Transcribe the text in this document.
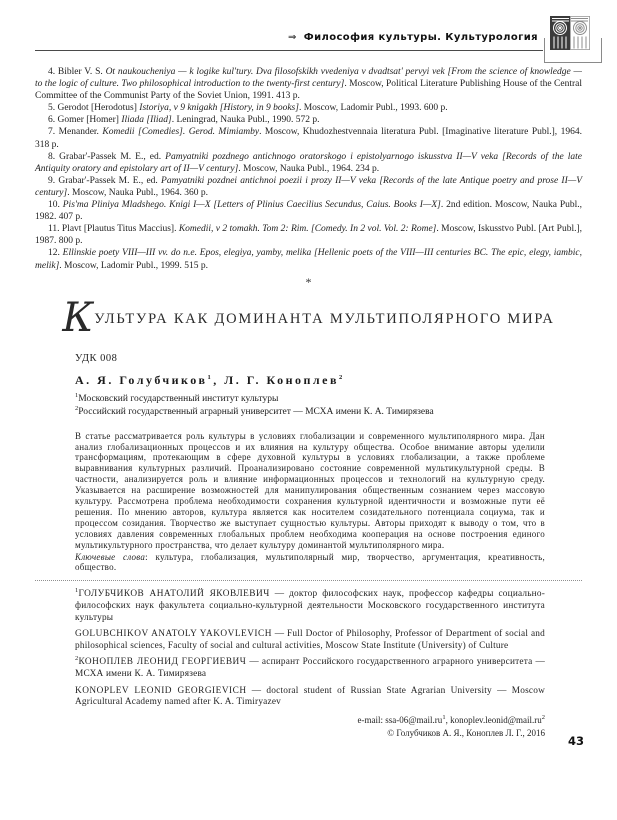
⇒ Философия культуры. Культурология

4. Bibler V. S. Ot naukoucheniya — k logike kul'tury. Dva filosofskikh vvedeniya v dvadtsat' pervyi vek [From the science of knowledge — to the logic of culture. Two philosophical introduction to the twenty-first century]. Moscow, Political Literature Publishing House of the Central Committee of the Communist Party of the Soviet Union, 1991. 413 p.

5. Gerodot [Herodotus] Istoriya, v 9 knigakh [History, in 9 books]. Moscow, Ladomir Publ., 1993. 600 p.

6. Gomer [Homer] Iliada [Iliad]. Leningrad, Nauka Publ., 1990. 572 p.

7. Menander. Komedii [Comedies]. Gerod. Mimiamby. Moscow, Khudozhestvennaia literatura Publ. [Imaginative literature Publ.], 1964. 318 p.

8. Grabar'-Passek M. E., ed. Pamyatniki pozdnego antichnogo oratorskogo i epistolyarnogo iskusstva II—V veka [Records of the late Antiquity oratory and epistolary art of II—V century]. Moscow, Nauka Publ., 1964. 234 p.

9. Grabar'-Passek M. E., ed. Pamyatniki pozdnei antichnoi poezii i prozy II—V veka [Records of the late Antique poetry and prose II—V century]. Moscow, Nauka Publ., 1964. 360 p.

10. Pis'ma Pliniya Mladshego. Knigi I—X [Letters of Plinius Caecilius Secundus, Caius. Books I—X]. 2nd edition. Moscow, Nauka Publ., 1982. 407 p.

11. Plavt [Plautus Titus Maccius]. Komedii, v 2 tomakh. Tom 2: Rim. [Comedy. In 2 vol. Vol. 2: Rome]. Moscow, Iskusstvo Publ. [Art Publ.], 1987. 800 p.

12. Ellinskie poety VIII—III vv. do n.e. Epos, elegiya, yamby, melika [Hellenic poets of the VIII—III centuries BC. The epic, elegy, iambic, melik]. Moscow, Ladomir Publ., 1999. 515 p.

*
КУЛЬТУРА КАК ДОМИНАНТА МУЛЬТИПОЛЯРНОГО МИРА
УДК 008
А. Я. Голубчиков$^1$, Л. Г. Коноплев$^2$

$^1$Московский государственный институт культуры

$^2$Российский государственный аграрный университет — МСХА имени К. А. Тимирязева

В статье рассматривается роль культуры в условиях глобализации и современного мультиполярного мира. Дан анализ глобализационных процессов и их влияния на культуру общества. Особое внимание авторы уделили трансформациям, протекающим в сфере духовной культуры в условиях глобализации, а также проблеме выравнивания культурных различий. Проанализировано состояние современной мультикультурной среды. В частности, анализируется роль и влияние информационных процессов и технологий на культурную среду. Указывается на расширение возможностей для манипулирования общественным сознанием через массовую культуру. Рассмотрена проблема необходимости сохранения культурной идентичности и возможные пути её решения. По мнению авторов, культура является как носителем созидательного потенциала социума, так и процессом созидания. Творчество же выступает сущностью культуры. Авторы приходят к выводу о том, что в условиях давления современных глобальных проблем необходима кооперация на основе построения единого мультикультурного пространства, что делает культуру доминантой мультиполярного мира.

Ключевые слова: культура, глобализация, мультиполярный мир, творчество, аргументация, креативность, общество.

$^1$ГОЛУБЧИКОВ АНАТОЛИЙ ЯКОВЛЕВИЧ — доктор философских наук, профессор кафедры социально-философских наук факультета социально-культурной деятельности Московского государственного института культуры

GOLUBCHIKOV ANATOLY YAKOVLEVICH — Full Doctor of Philosophy, Professor of Department of social and philosophical sciences, Faculty of social and cultural activities, Moscow State Institute (University) of Culture

$^2$КОНОПЛЕВ ЛЕОНИД ГЕОРГИЕВИЧ — аспирант Российского государственного аграрного университета — МСХА имени К. А. Тимирязева

KONOPLEV LEONID GEORGIEVICH — doctoral student of Russian State Agrarian University — Moscow Agricultural Academy named after K. A. Timiryazev

43
e-mail: ssa-$06@mail.ru^1$, $konoplev.leonid@mail.ru^2$
© Голубчиков А. Я., Коноплев Л. Г., 2016
